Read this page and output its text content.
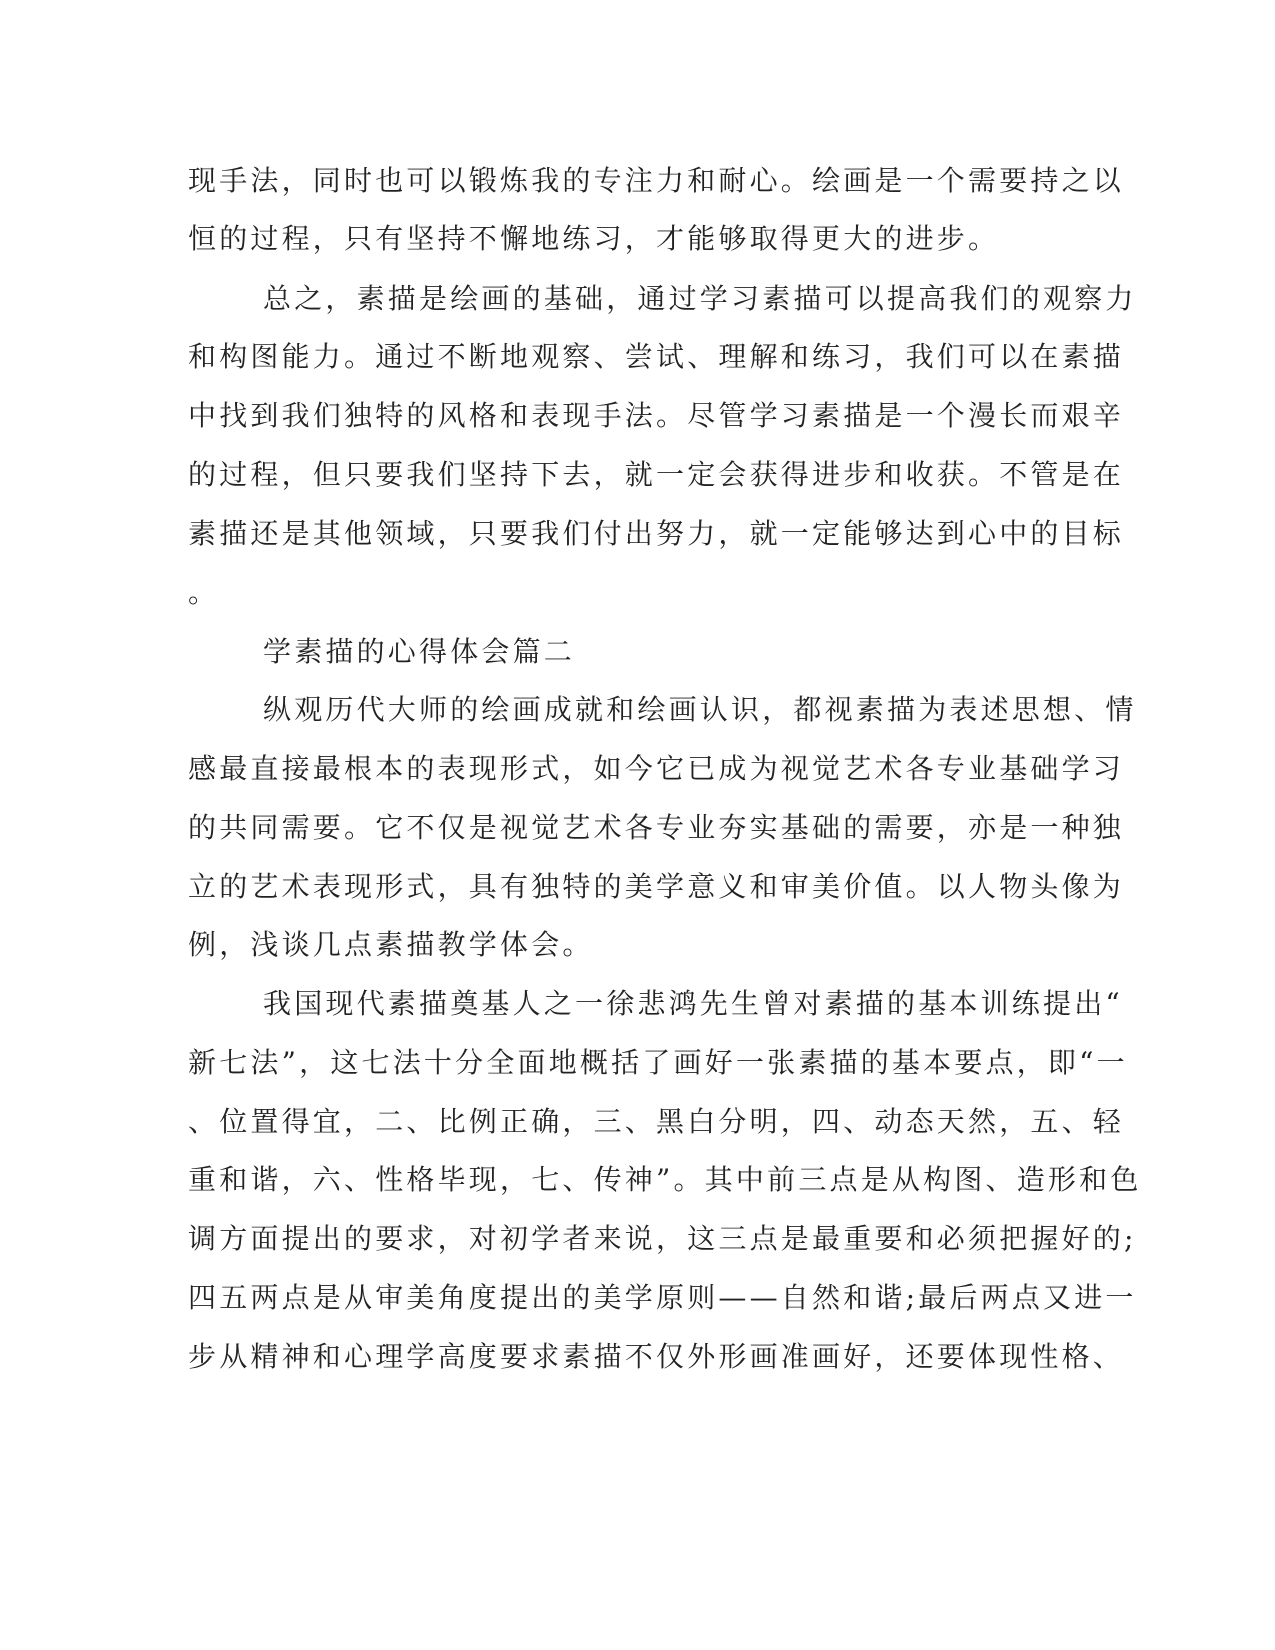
现手法，同时也可以锻炼我的专注力和耐心。绘画是一个需要持之以
恒的过程，只有坚持不懈地练习，才能够取得更大的进步。
总之，素描是绘画的基础，通过学习素描可以提高我们的观察力
和构图能力。通过不断地观察、尝试、理解和练习，我们可以在素描
中找到我们独特的风格和表现手法。尽管学习素描是一个漫长而艰辛
的过程，但只要我们坚持下去，就一定会获得进步和收获。不管是在
素描还是其他领域，只要我们付出努力，就一定能够达到心中的目标
。
学素描的心得体会篇二
纵观历代大师的绘画成就和绘画认识，都视素描为表述思想、情
感最直接最根本的表现形式，如今它已成为视觉艺术各专业基础学习
的共同需要。它不仅是视觉艺术各专业夯实基础的需要，亦是一种独
立的艺术表现形式，具有独特的美学意义和审美价值。以人物头像为
例，浅谈几点素描教学体会。
我国现代素描奠基人之一徐悲鸿先生曾对素描的基本训练提出“
新七法”，这七法十分全面地概括了画好一张素描的基本要点，即“一
、位置得宜，二、比例正确，三、黑白分明，四、动态天然，五、轻
重和谐，六、性格毕现，七、传神”。其中前三点是从构图、造形和色
调方面提出的要求，对初学者来说，这三点是最重要和必须把握好的;
四五两点是从审美角度提出的美学原则——自然和谐;最后两点又进一
步从精神和心理学高度要求素描不仅外形画准画好，还要体现性格、
